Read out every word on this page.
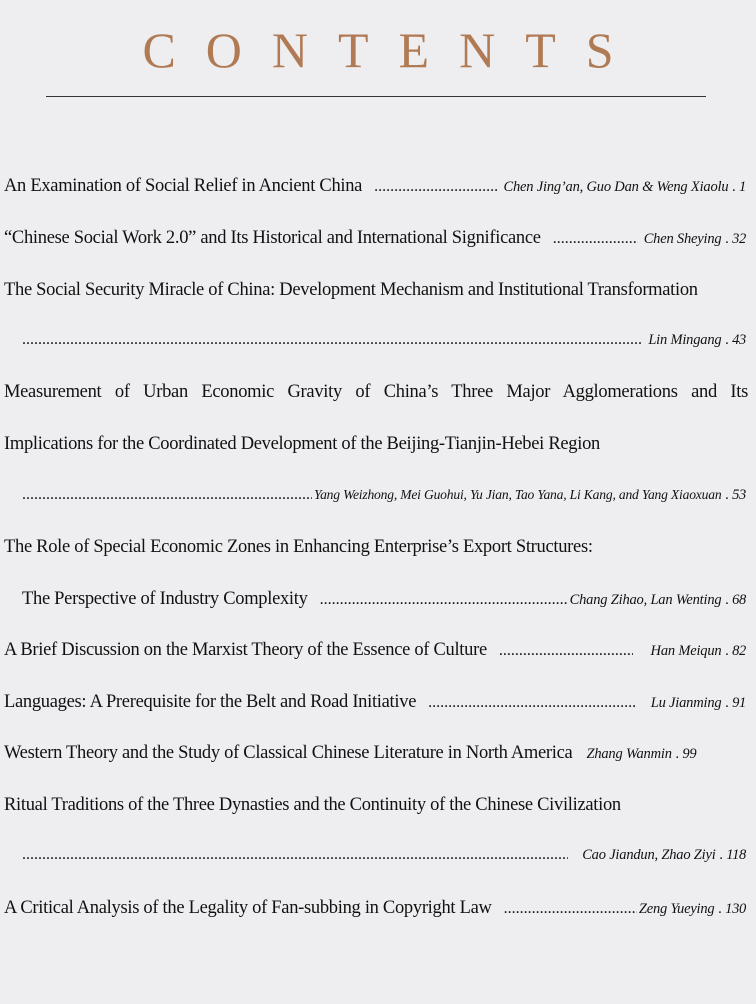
CONTENTS
An Examination of Social Relief in Ancient China .....	Chen Jing’an, Guo Dan & Weng Xiaolu . 1
“Chinese Social Work 2.0” and Its Historical and International Significance .....	Chen Sheying . 32
The Social Security Miracle of China: Development Mechanism and Institutional Transformation
.....
Lin Mingang . 43
Measurement of Urban Economic Gravity of China’s Three Major Agglomerations and Its
Implications for the Coordinated Development of the Beijing-Tianjin-Hebei Region
.....
Yang Weizhong, Mei Guohui, Yu Jian, Tao Yana, Li Kang, and Yang Xiaoxuan . 53
The Role of Special Economic Zones in Enhancing Enterprise’s Export Structures:
The Perspective of Industry Complexity .....	Chang Zihao, Lan Wenting . 68
A Brief Discussion on the Marxist Theory of the Essence of Culture .....	Han Meiqun . 82
Languages: A Prerequisite for the Belt and Road Initiative .....	Lu Jianming . 91
Western Theory and the Study of Classical Chinese Literature in North America Zhang Wanmin . 99
Ritual Traditions of the Three Dynasties and the Continuity of the Chinese Civilization
.....
Cao Jiandun, Zhao Ziyi . 118
A Critical Analysis of the Legality of Fan-subbing in Copyright Law .....	Zeng Yueying . 130
